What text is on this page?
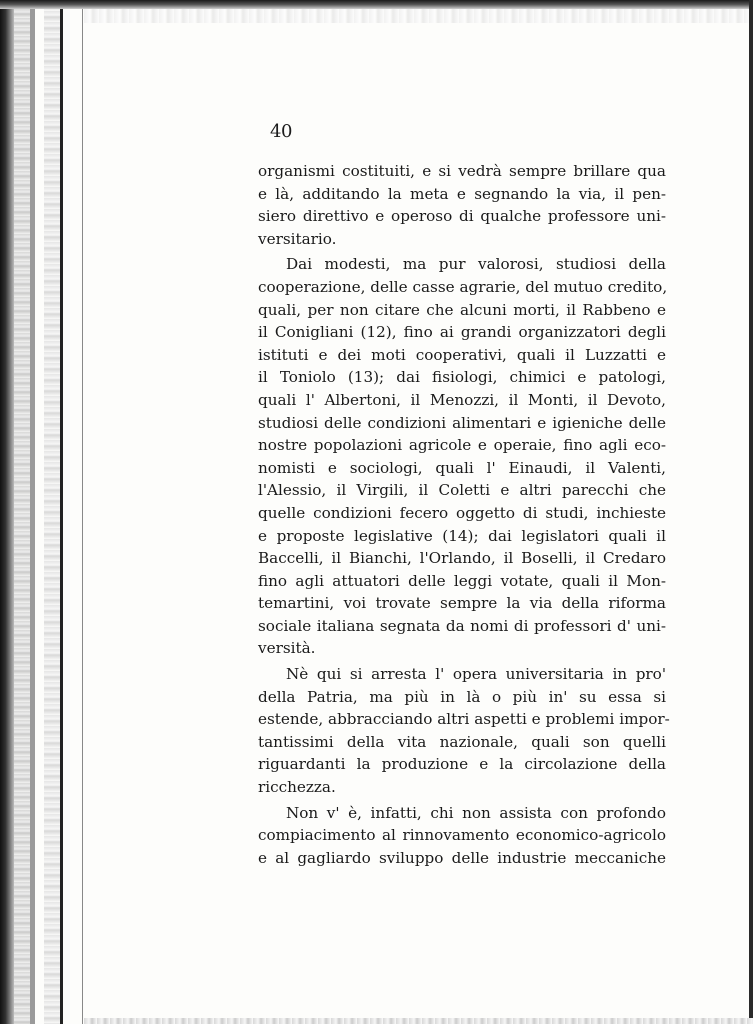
40
organismi costituiti, e si vedrà sempre brillare qua
e là, additando la meta e segnando la via, il pen-
siero direttivo e operoso di qualche professore uni-
versitario.
Dai modesti, ma pur valorosi, studiosi della
cooperazione, delle casse agrarie, del mutuo credito,
quali, per non citare che alcuni morti, il Rabbeno e
il Conigliani (12), fino ai grandi organizzatori degli
istituti e dei moti cooperativi, quali il Luzzatti e
il Toniolo (13); dai fisiologi, chimici e patologi,
quali l' Albertoni, il Menozzi, il Monti, il Devoto,
studiosi delle condizioni alimentari e igieniche delle
nostre popolazioni agricole e operaie, fino agli eco-
nomisti e sociologi, quali l' Einaudi, il Valenti,
l'Alessio, il Virgili, il Coletti e altri parecchi che
quelle condizioni fecero oggetto di studi, inchieste
e proposte legislative (14); dai legislatori quali il
Baccelli, il Bianchi, l'Orlando, il Boselli, il Credaro
fino agli attuatori delle leggi votate, quali il Mon-
temartini, voi trovate sempre la via della riforma
sociale italiana segnata da nomi di professori d' uni-
versità.
Nè qui si arresta l' opera universitaria in pro'
della Patria, ma più in là o più in' su essa si
estende, abbracciando altri aspetti e problemi impor-
tantissimi della vita nazionale, quali son quelli
riguardanti la produzione e la circolazione della
ricchezza.
Non v' è, infatti, chi non assista con profondo
compiacimento al rinnovamento economico-agricolo
e al gagliardo sviluppo delle industrie meccaniche
